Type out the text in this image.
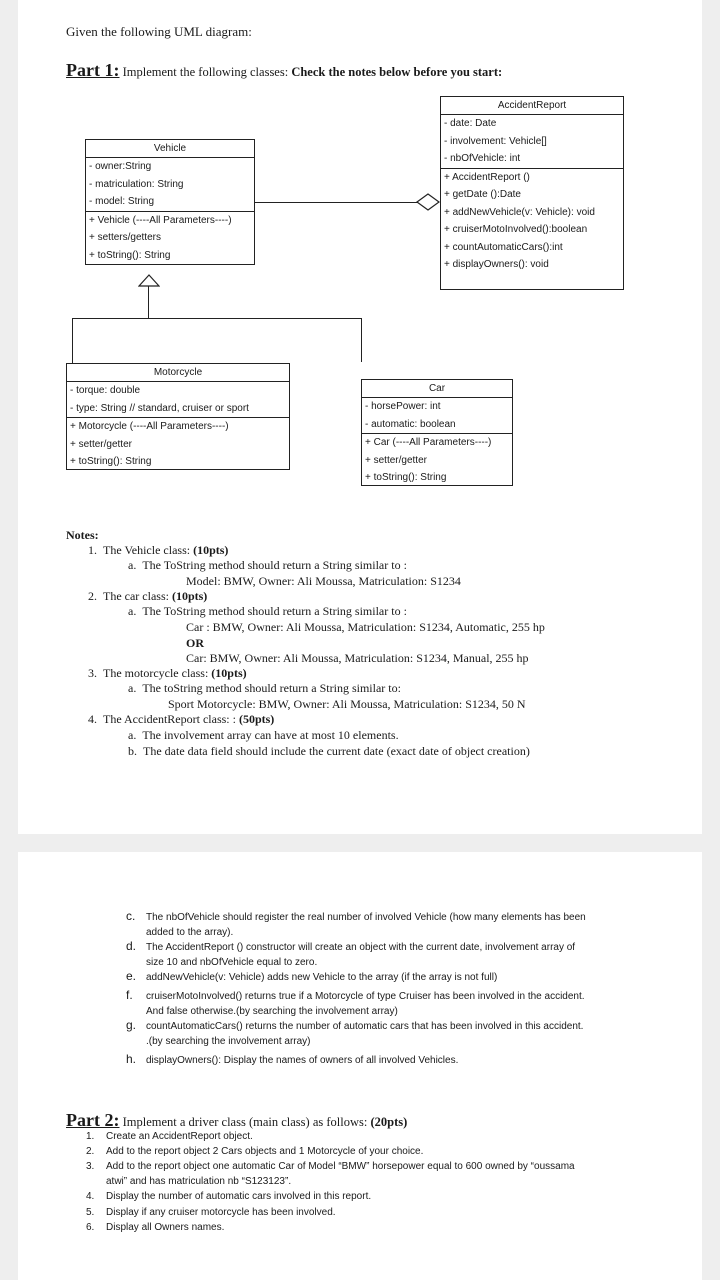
Given the following UML diagram:
Part 1: Implement the following classes: Check the notes below before you start:
AccidentReport
- date: Date
- involvement: Vehicle[]
- nbOfVehicle: int
+ AccidentReport ()
+ getDate ():Date
+ addNewVehicle(v: Vehicle): void
+ cruiserMotoInvolved():boolean
+ countAutomaticCars():int
+ displayOwners(): void
Vehicle
- owner:String
- matriculation: String
- model: String
+ Vehicle (----All Parameters----)
+ setters/getters
+ toString(): String
Motorcycle
- torque: double
- type: String // standard, cruiser or sport
+ Motorcycle (----All Parameters----)
+ setter/getter
+ toString(): String
Car
- horsePower: int
- automatic: boolean
+ Car (----All Parameters----)
+ setter/getter
+ toString(): String
Notes:
1. The Vehicle class: (10pts)
a. The ToString method should return a String similar to :
Model: BMW, Owner: Ali Moussa, Matriculation: S1234
2. The car class: (10pts)
a. The ToString method should return a String similar to :
Car : BMW, Owner: Ali Moussa, Matriculation: S1234, Automatic, 255 hp
OR
Car: BMW, Owner: Ali Moussa, Matriculation: S1234, Manual, 255 hp
3. The motorcycle class: (10pts)
a. The toString method should return a String similar to:
Sport Motorcycle: BMW, Owner: Ali Moussa, Matriculation: S1234, 50 N
4. The AccidentReport class: : (50pts)
a. The involvement array can have at most 10 elements.
b. The date data field should include the current date (exact date of object creation)
c. The nbOfVehicle should register the real number of involved Vehicle (how many elements has been
added to the array).
d. The AccidentReport () constructor will create an object with the current date, involvement array of
size 10 and nbOfVehicle equal to zero.
e. addNewVehicle(v: Vehicle) adds new Vehicle to the array (if the array is not full)
f. cruiserMotoInvolved() returns true if a Motorcycle of type Cruiser has been involved in the accident.
And false otherwise.(by searching the involvement array)
g. countAutomaticCars() returns the number of automatic cars that has been involved in this accident.
.(by searching the involvement array)
h. displayOwners(): Display the names of owners of all involved Vehicles.
Part 2: Implement a driver class (main class) as follows: (20pts)
1. Create an AccidentReport object.
2. Add to the report object 2 Cars objects and 1 Motorcycle of your choice.
3. Add to the report object one automatic Car of Model “BMW” horsepower equal to 600 owned by “oussama
atwi” and has matriculation nb “S123123”.
4. Display the number of automatic cars involved in this report.
5. Display if any cruiser motorcycle has been involved.
6. Display all Owners names.
